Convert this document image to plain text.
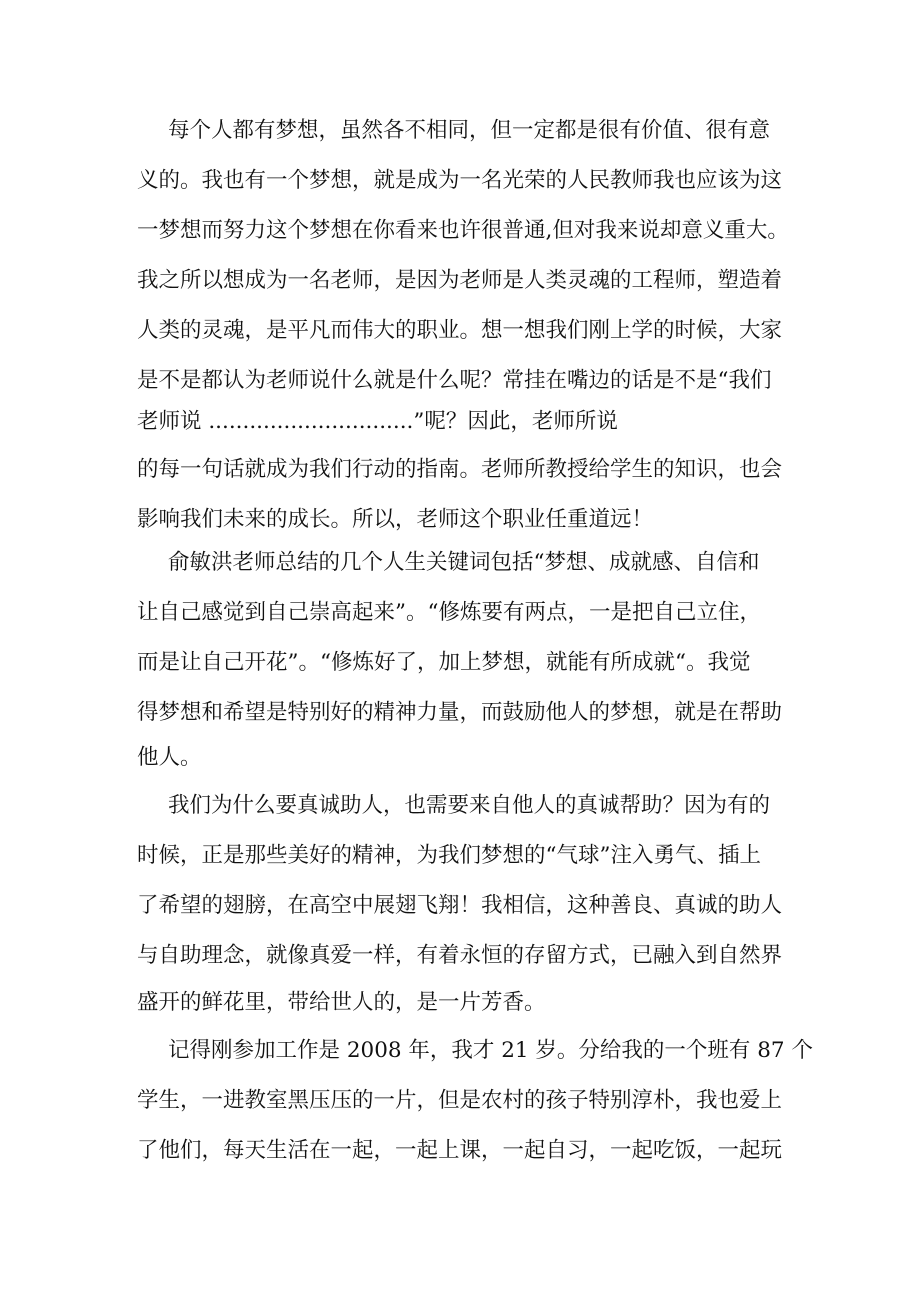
每个人都有梦想，虽然各不相同，但一定都是很有价值、很有意
义的。我也有一个梦想，就是成为一名光荣的人民教师我也应该为这
一梦想而努力这个梦想在你看来也许很普通,但对我来说却意义重大。
我之所以想成为一名老师，是因为老师是人类灵魂的工程师，塑造着
人类的灵魂，是平凡而伟大的职业。想一想我们刚上学的时候，大家
是不是都认为老师说什么就是什么呢？常挂在嘴边的话是不是“我们
老师说 ..............................”呢？因此，老师所说
的每一句话就成为我们行动的指南。老师所教授给学生的知识，也会
影响我们未来的成长。所以，老师这个职业任重道远！
俞敏洪老师总结的几个人生关键词包括“梦想、成就感、自信和
让自己感觉到自己崇高起来”。“修炼要有两点，一是把自己立住，
而是让自己开花”。“修炼好了，加上梦想，就能有所成就“。我觉
得梦想和希望是特别好的精神力量，而鼓励他人的梦想，就是在帮助
他人。
我们为什么要真诚助人，也需要来自他人的真诚帮助？因为有的
时候，正是那些美好的精神，为我们梦想的“气球”注入勇气、插上
了希望的翅膀，在高空中展翅飞翔！我相信，这种善良、真诚的助人
与自助理念，就像真爱一样，有着永恒的存留方式，已融入到自然界
盛开的鲜花里，带给世人的，是一片芳香。
记得刚参加工作是 2008 年，我才 21 岁。分给我的一个班有 87 个
学生，一进教室黑压压的一片，但是农村的孩子特别淳朴，我也爱上
了他们，每天生活在一起，一起上课，一起自习，一起吃饭，一起玩
